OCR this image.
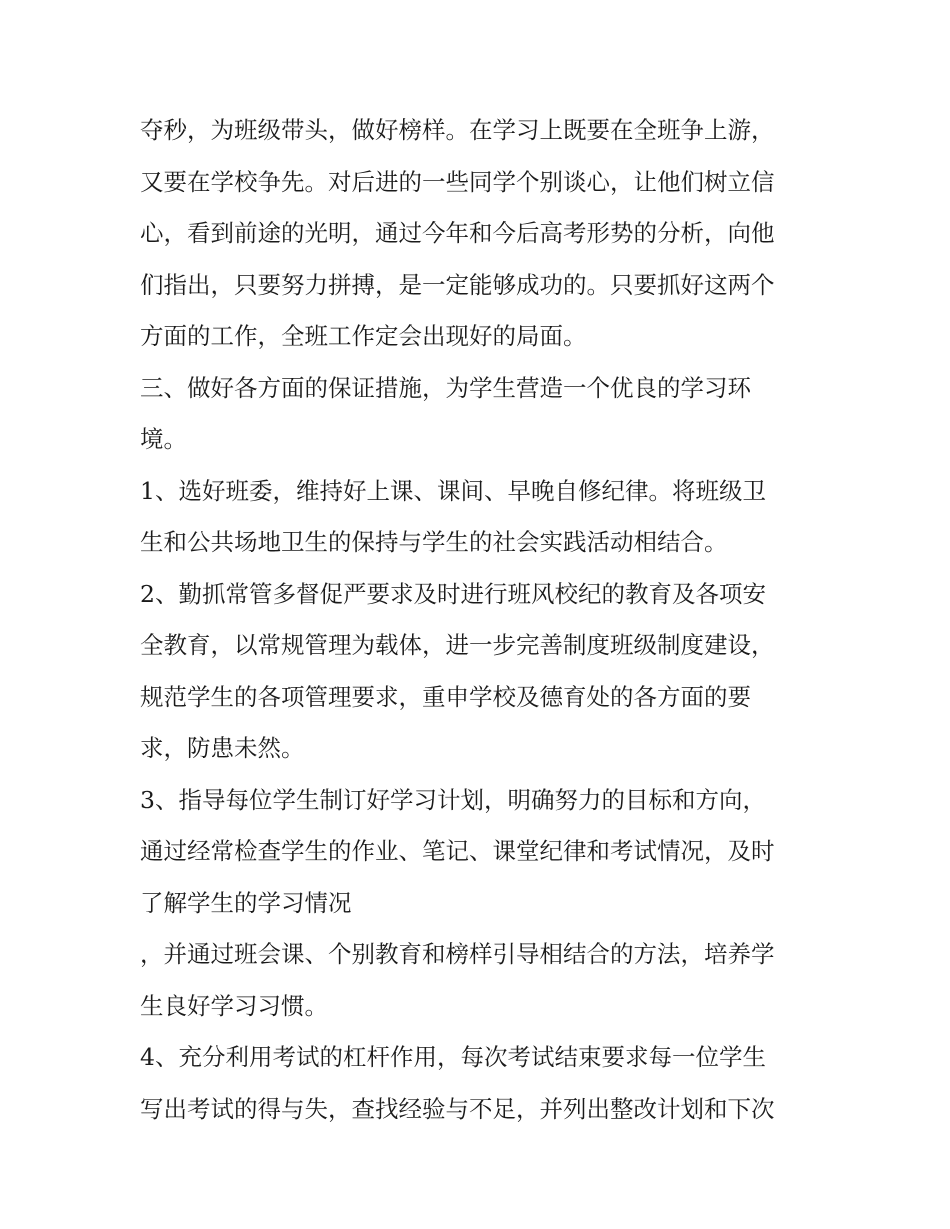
夺秒，为班级带头，做好榜样。在学习上既要在全班争上游，
又要在学校争先。对后进的一些同学个别谈心，让他们树立信
心，看到前途的光明，通过今年和今后高考形势的分析，向他
们指出，只要努力拼搏，是一定能够成功的。只要抓好这两个
方面的工作，全班工作定会出现好的局面。
三、做好各方面的保证措施，为学生营造一个优良的学习环
境。
1、选好班委，维持好上课、课间、早晚自修纪律。将班级卫
生和公共场地卫生的保持与学生的社会实践活动相结合。
2、勤抓常管多督促严要求及时进行班风校纪的教育及各项安
全教育，以常规管理为载体，进一步完善制度班级制度建设，
规范学生的各项管理要求，重申学校及德育处的各方面的要
求，防患未然。
3、指导每位学生制订好学习计划，明确努力的目标和方向，
通过经常检查学生的作业、笔记、课堂纪律和考试情况，及时
了解学生的学习情况
，并通过班会课、个别教育和榜样引导相结合的方法，培养学
生良好学习习惯。
4、充分利用考试的杠杆作用，每次考试结束要求每一位学生
写出考试的得与失，查找经验与不足，并列出整改计划和下次
